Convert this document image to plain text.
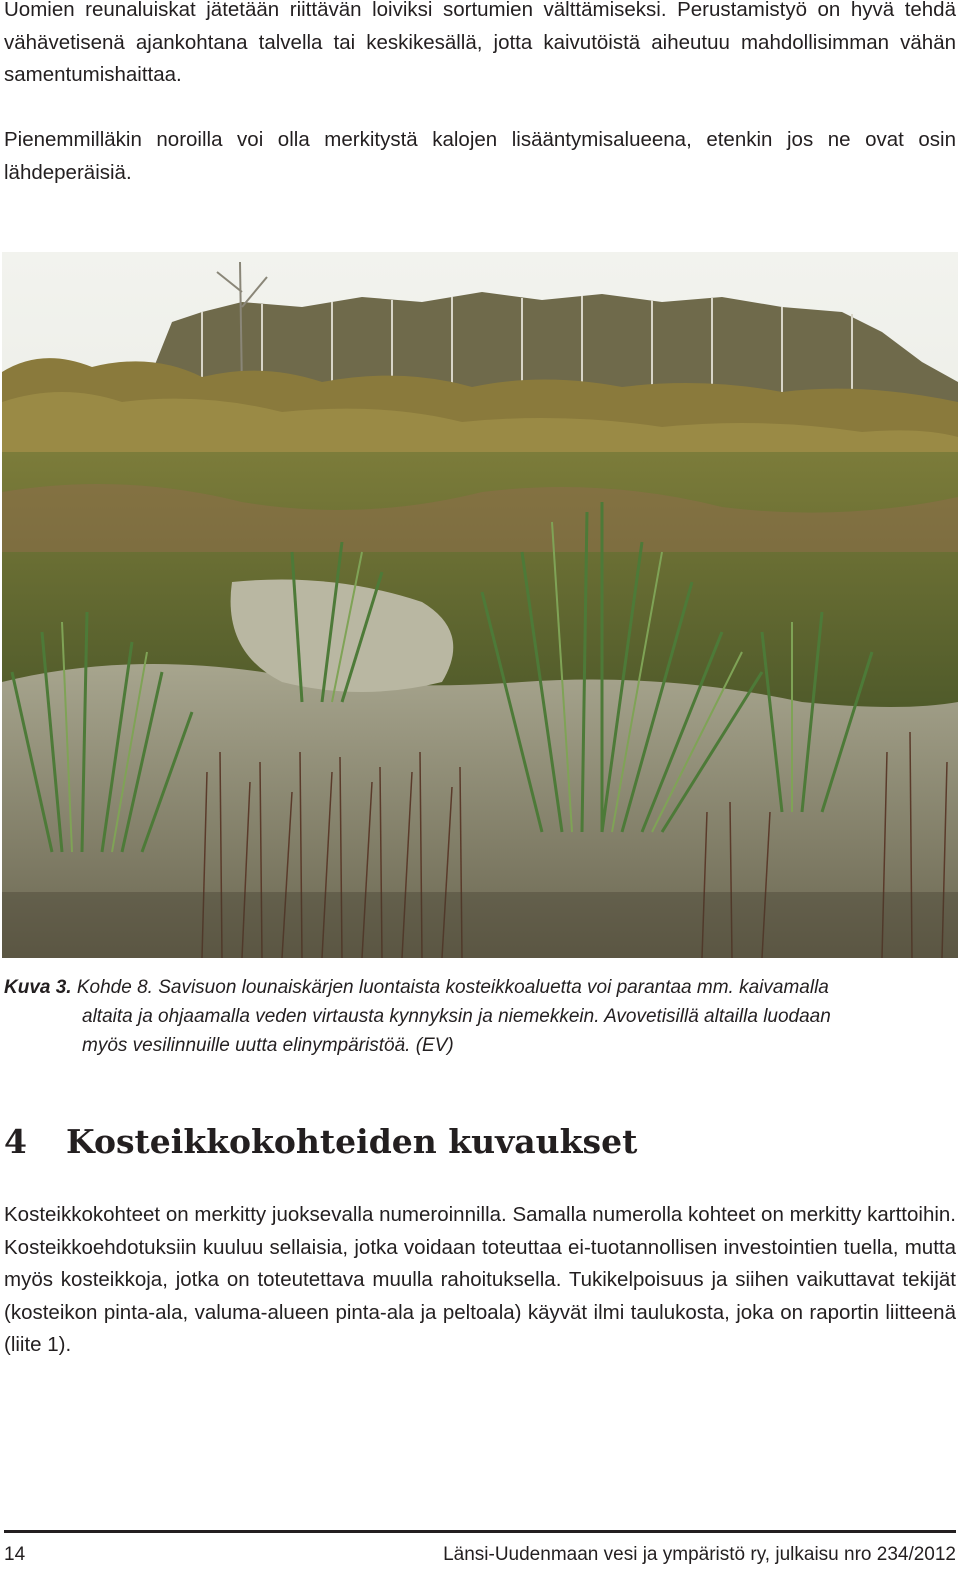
Uomien reunaluiskat jätetään riittävän loiviksi sortumien välttämiseksi. Perustamistyö on hyvä tehdä vähävetisenä ajankohtana talvella tai keskikesällä, jotta kaivutöistä aiheutuu mahdollisimman vähän samentumishaittaa.

Pienemmilläkin noroilla voi olla merkitystä kalojen lisääntymisalueena, etenkin jos ne ovat osin lähdeperäisiä.

Kuva 3. Kohde 8. Savisuon lounaiskärjen luontaista kosteikkoaluetta voi parantaa mm. kaivamalla
altaita ja ohjaamalla veden virtausta kynnyksin ja niemekkein. Avovetisillä altailla luodaan
myös vesilinnuille uutta elinympäristöä. (EV)
4 Kosteikkokohteiden kuvaukset

Kosteikkokohteet on merkitty juoksevalla numeroinnilla. Samalla numerolla kohteet on merkitty karttoihin. Kosteikkoehdotuksiin kuuluu sellaisia, jotka voidaan toteuttaa ei-tuotannollisen investointien tuella, mutta myös kosteikkoja, jotka on toteutettava muulla rahoituksella. Tukikelpoisuus ja siihen vaikuttavat tekijät (kosteikon pinta-ala, valuma-alueen pinta-ala ja peltoala) käyvät ilmi taulukosta, joka on raportin liitteenä (liite 1).

14	Länsi-Uudenmaan vesi ja ympäristö ry, julkaisu nro 234/2012
